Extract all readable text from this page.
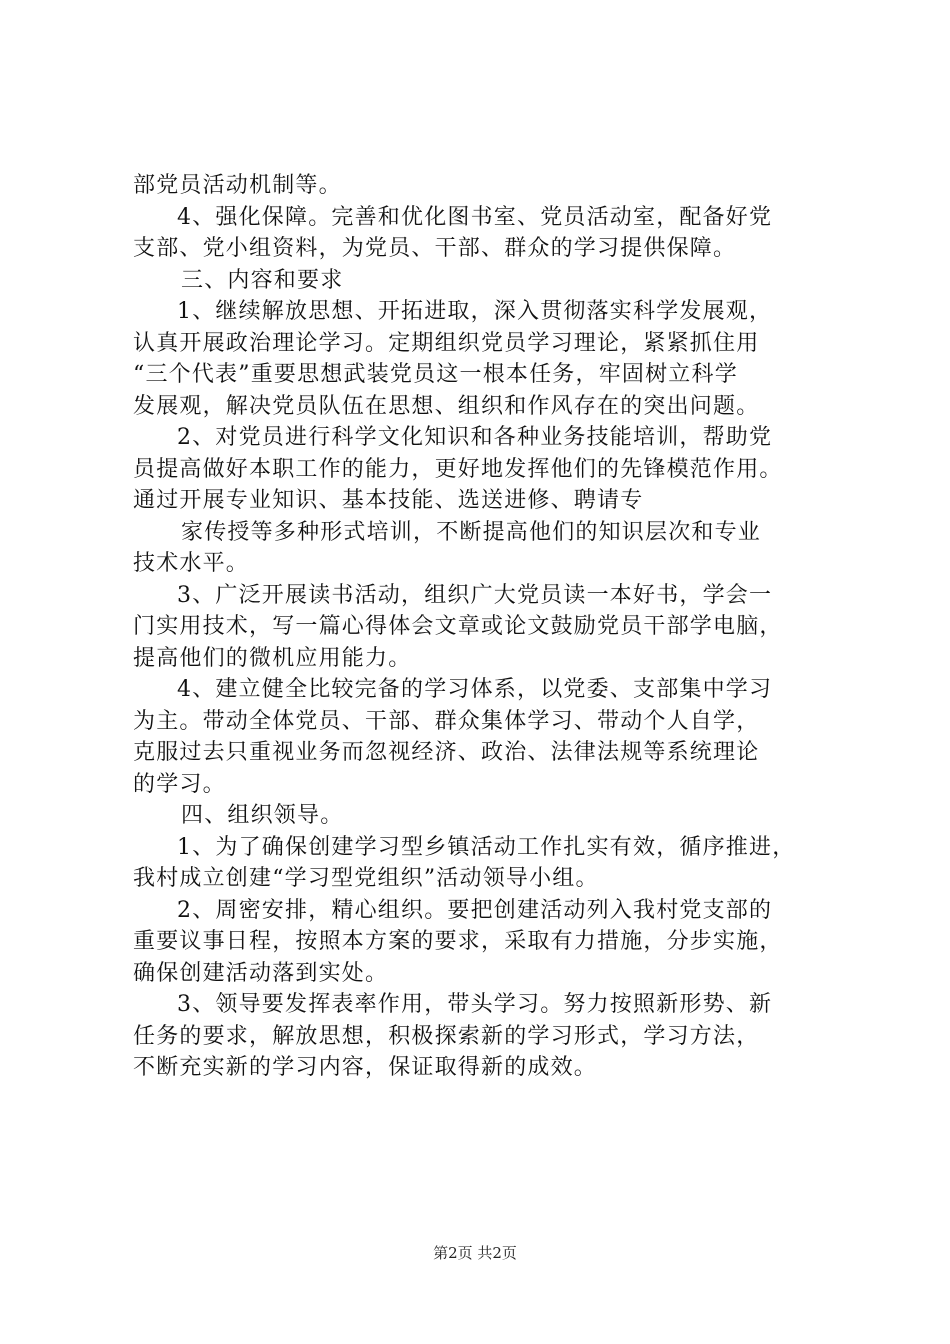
部党员活动机制等。
4、强化保障。完善和优化图书室、党员活动室，配备好党
支部、党小组资料，为党员、干部、群众的学习提供保障。
三、内容和要求
1、继续解放思想、开拓进取，深入贯彻落实科学发展观，
认真开展政治理论学习。定期组织党员学习理论，紧紧抓住用
“三个代表”重要思想武装党员这一根本任务，牢固树立科学
发展观，解决党员队伍在思想、组织和作风存在的突出问题。
2、对党员进行科学文化知识和各种业务技能培训，帮助党
员提高做好本职工作的能力，更好地发挥他们的先锋模范作用。
通过开展专业知识、基本技能、选送进修、聘请专
家传授等多种形式培训，不断提高他们的知识层次和专业
技术水平。
3、广泛开展读书活动，组织广大党员读一本好书，学会一
门实用技术，写一篇心得体会文章或论文鼓励党员干部学电脑，
提高他们的微机应用能力。
4、建立健全比较完备的学习体系，以党委、支部集中学习
为主。带动全体党员、干部、群众集体学习、带动个人自学，
克服过去只重视业务而忽视经济、政治、法律法规等系统理论
的学习。
四、组织领导。
1、为了确保创建学习型乡镇活动工作扎实有效，循序推进，
我村成立创建“学习型党组织”活动领导小组。
2、周密安排，精心组织。要把创建活动列入我村党支部的
重要议事日程，按照本方案的要求，采取有力措施，分步实施，
确保创建活动落到实处。
3、领导要发挥表率作用，带头学习。努力按照新形势、新
任务的要求，解放思想，积极探索新的学习形式，学习方法，
不断充实新的学习内容，保证取得新的成效。
第2页 共2页
